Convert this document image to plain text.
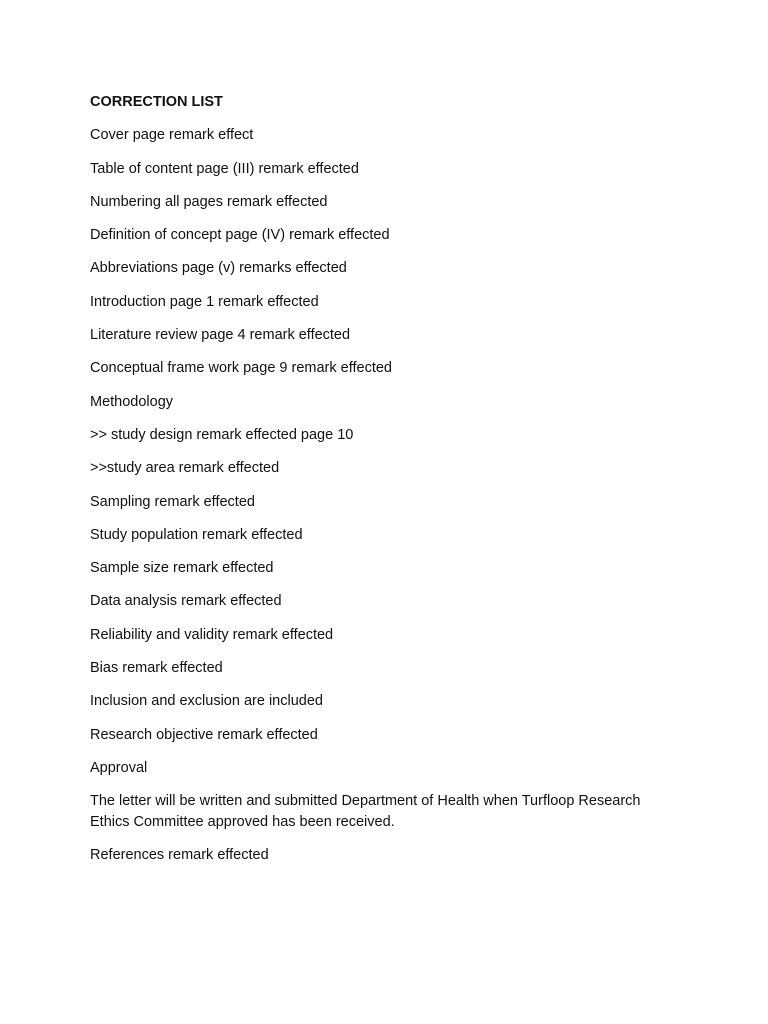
CORRECTION LIST
Cover page remark effect
Table of content page (III) remark effected
Numbering all pages remark effected
Definition of concept page (IV) remark effected
Abbreviations page (v) remarks effected
Introduction page 1 remark effected
Literature review page 4 remark effected
Conceptual frame work page 9 remark effected
Methodology
>> study design remark effected page 10
>>study area remark effected
Sampling remark effected
Study population remark effected
Sample size remark effected
Data analysis remark effected
Reliability and validity remark effected
Bias remark effected
Inclusion and exclusion are included
Research objective remark effected
Approval
The letter will be written and submitted Department of Health when Turfloop Research Ethics Committee approved has been received.
References remark effected
